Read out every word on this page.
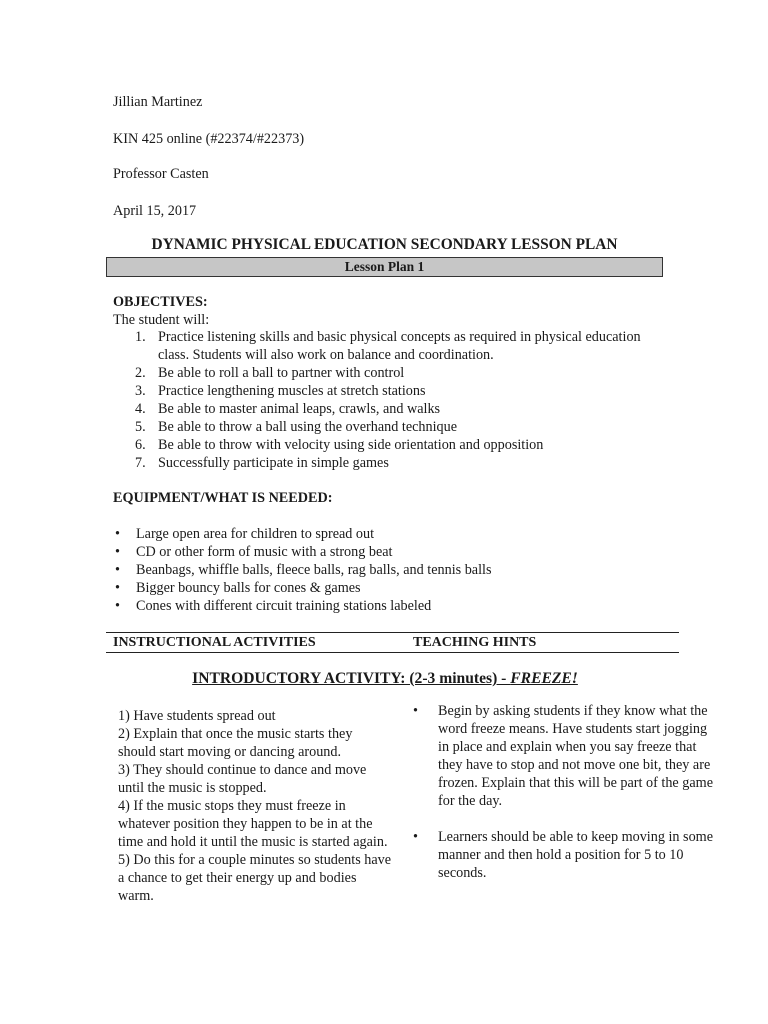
Jillian Martinez
KIN 425 online (#22374/#22373)
Professor Casten
April 15, 2017
DYNAMIC PHYSICAL EDUCATION SECONDARY LESSON PLAN
Lesson Plan 1
OBJECTIVES:
The student will:
1. Practice listening skills and basic physical concepts as required in physical education class. Students will also work on balance and coordination.
2. Be able to roll a ball to partner with control
3. Practice lengthening muscles at stretch stations
4. Be able to master animal leaps, crawls, and walks
5. Be able to throw a ball using the overhand technique
6. Be able to throw with velocity using side orientation and opposition
7. Successfully participate in simple games
EQUIPMENT/WHAT IS NEEDED:
• Large open area for children to spread out
• CD or other form of music with a strong beat
• Beanbags, whiffle balls, fleece balls, rag balls, and tennis balls
• Bigger bouncy balls for cones & games
• Cones with different circuit training stations labeled
INSTRUCTIONAL ACTIVITIES	TEACHING HINTS
INTRODUCTORY ACTIVITY: (2-3 minutes) - FREEZE!
1) Have students spread out
2) Explain that once the music starts they should start moving or dancing around.
3) They should continue to dance and move until the music is stopped.
4) If the music stops they must freeze in whatever position they happen to be in at the time and hold it until the music is started again.
5) Do this for a couple minutes so students have a chance to get their energy up and bodies warm.
• Begin by asking students if they know what the word freeze means. Have students start jogging in place and explain when you say freeze that they have to stop and not move one bit, they are frozen. Explain that this will be part of the game for the day.
• Learners should be able to keep moving in some manner and then hold a position for 5 to 10 seconds.
